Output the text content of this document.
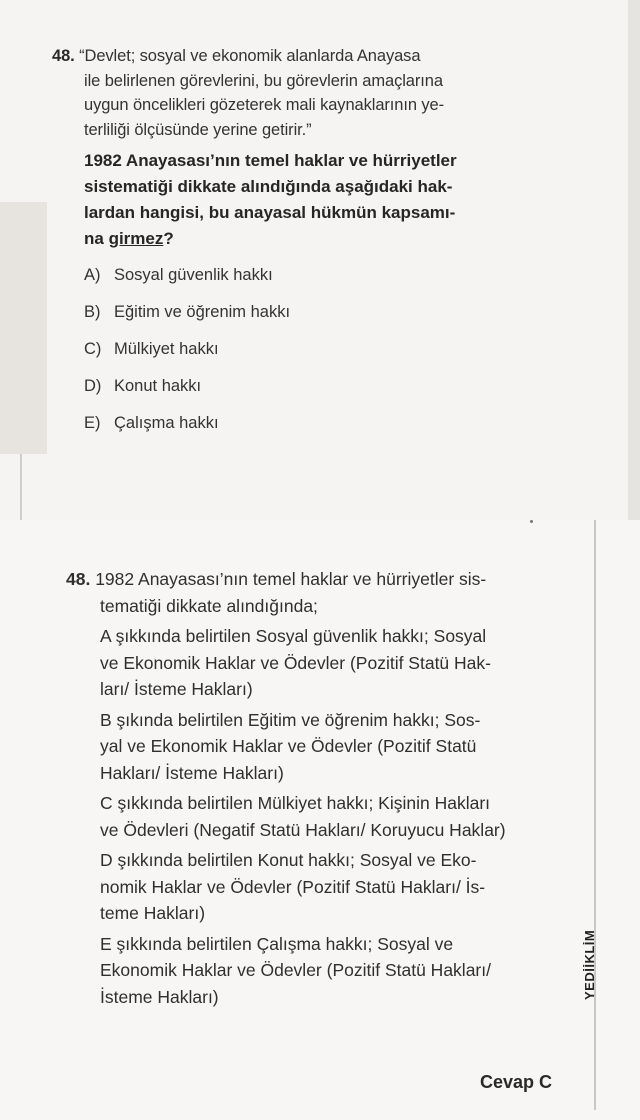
48. “Devlet; sosyal ve ekonomik alanlarda Anayasa
ile belirlenen görevlerini, bu görevlerin amaçlarına
uygun öncelikleri gözeterek mali kaynaklarının ye-
terliliği ölçüsünde yerine getirir.”
1982 Anayasası’nın temel haklar ve hürriyetler
sistematiği dikkate alındığında aşağıdaki hak-
lardan hangisi, bu anayasal hükmün kapsamı-
na girmez?
A) Sosyal güvenlik hakkı
B) Eğitim ve öğrenim hakkı
C) Mülkiyet hakkı
D) Konut hakkı
E) Çalışma hakkı
YEDİİKLİM
48. 1982 Anayasası’nın temel haklar ve hürriyetler sis-
tematiği dikkate alındığında;
A şıkkında belirtilen Sosyal güvenlik hakkı; Sosyal
ve Ekonomik Haklar ve Ödevler (Pozitif Statü Hak-
ları/ İsteme Hakları)
B şıkında belirtilen Eğitim ve öğrenim hakkı; Sos-
yal ve Ekonomik Haklar ve Ödevler (Pozitif Statü
Hakları/ İsteme Hakları)
C şıkkında belirtilen Mülkiyet hakkı; Kişinin Hakları
ve Ödevleri (Negatif Statü Hakları/ Koruyucu Haklar)
D şıkkında belirtilen Konut hakkı; Sosyal ve Eko-
nomik Haklar ve Ödevler (Pozitif Statü Hakları/ İs-
teme Hakları)
E şıkkında belirtilen Çalışma hakkı; Sosyal ve
Ekonomik Haklar ve Ödevler (Pozitif Statü Hakları/
İsteme Hakları)
Cevap C
